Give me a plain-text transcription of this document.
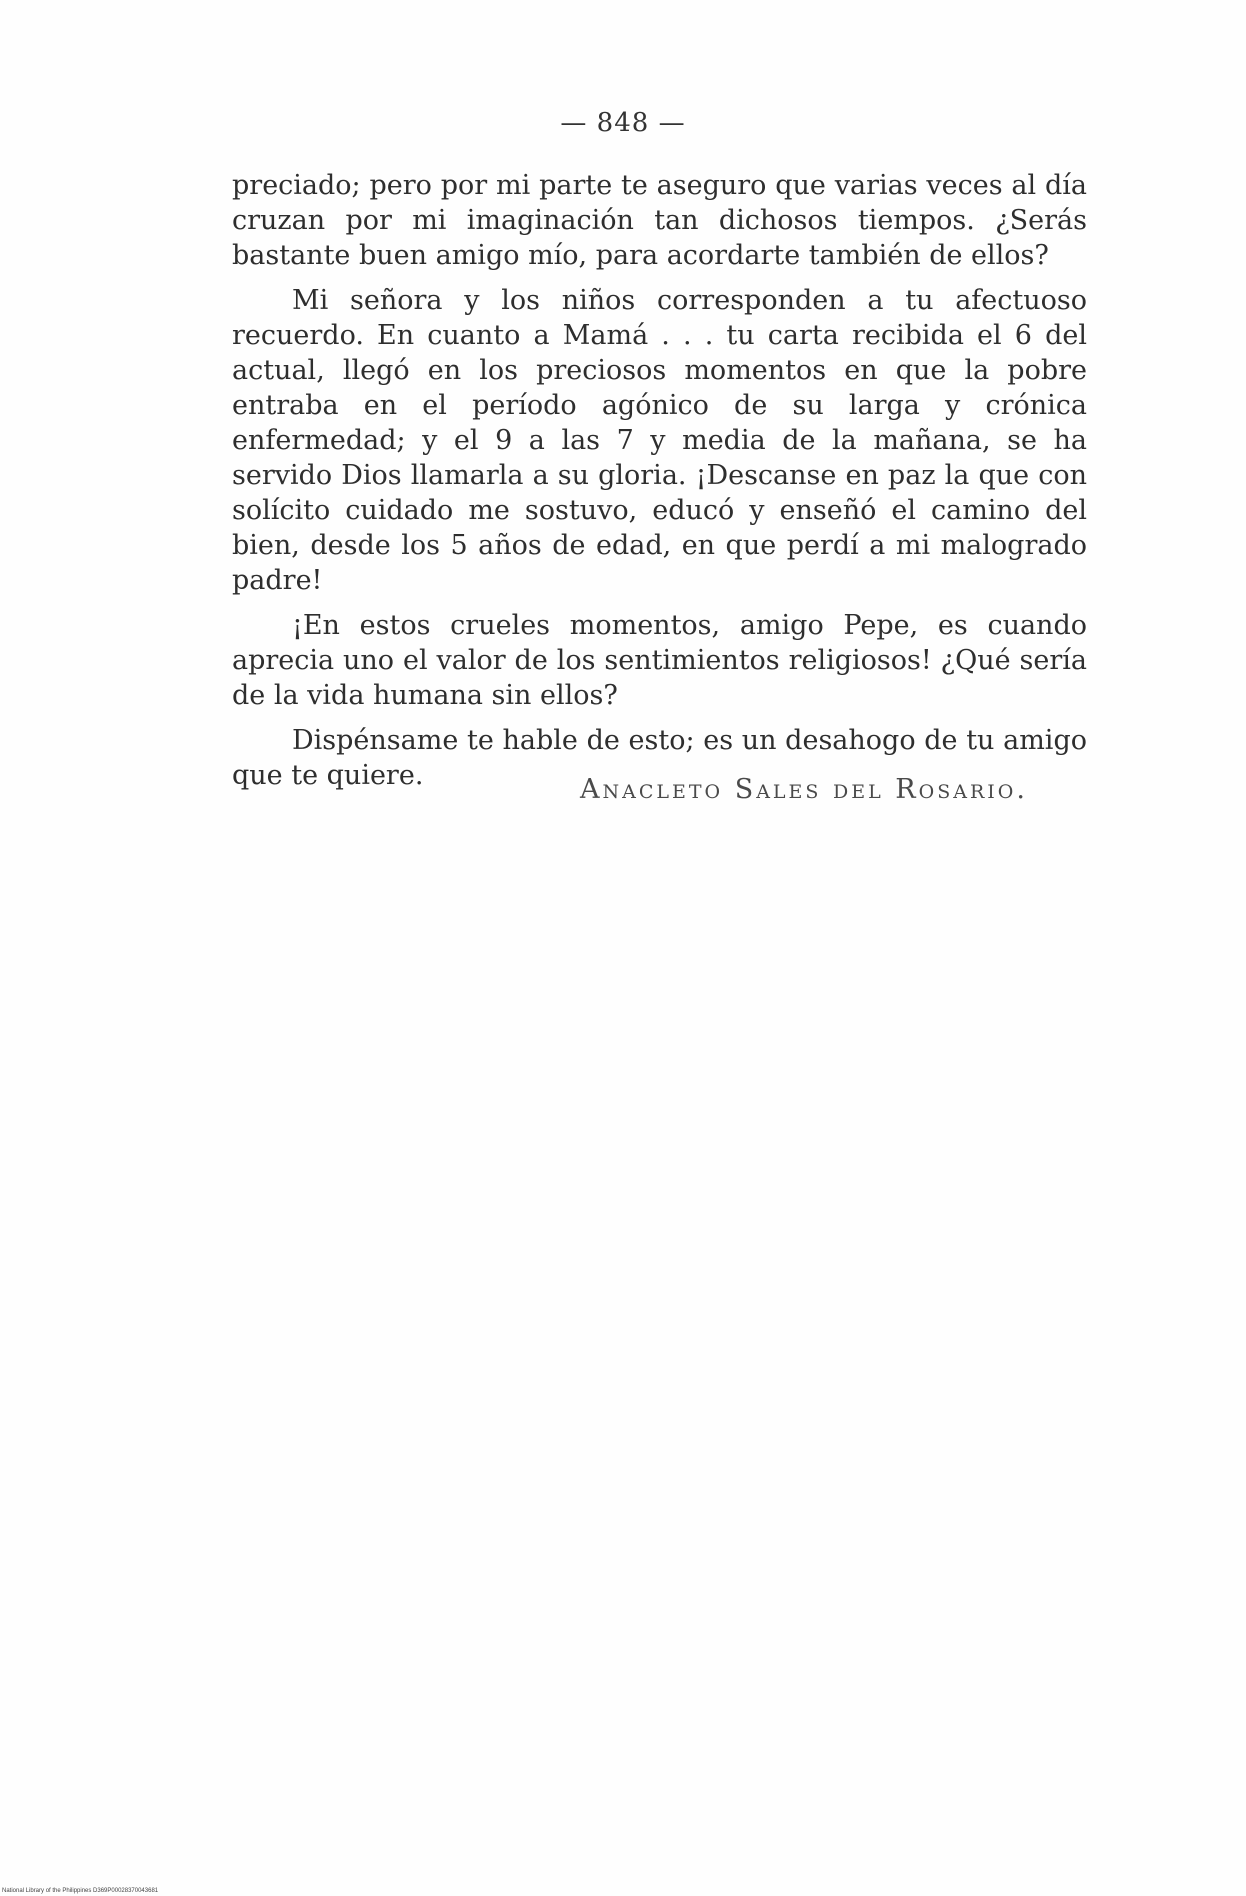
— 848 —

preciado; pero por mi parte te aseguro que varias veces al día cruzan por mi imaginación tan dichosos tiempos. ¿Serás bastante buen amigo mío, para acordarte también de ellos?

Mi señora y los niños corresponden a tu afectuoso recuerdo. En cuanto a Mamá . . . tu carta recibida el 6 del actual, llegó en los preciosos momentos en que la pobre entraba en el período agónico de su larga y crónica enfermedad; y el 9 a las 7 y media de la mañana, se ha servido Dios llamarla a su gloria. ¡Descanse en paz la que con solícito cuidado me sostuvo, educó y enseñó el camino del bien, desde los 5 años de edad, en que perdí a mi malogrado padre!

¡En estos crueles momentos, amigo Pepe, es cuando aprecia uno el valor de los sentimientos religiosos! ¿Qué sería de la vida humana sin ellos?

Dispénsame te hable de esto; es un desahogo de tu amigo que te quiere.	Anacleto Sales del Rosario.
National Library of the Philippines D369P00028370043681
